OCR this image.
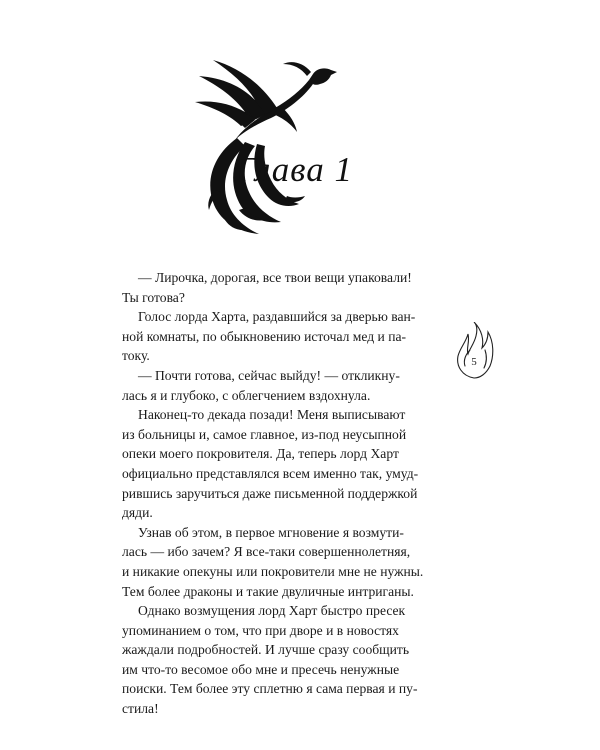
Глава 1

— Лирочка, дорогая, все твои вещи упаковали!
Ты готова?

Голос лорда Харта, раздавшийся за дверью ван-
ной комнаты, по обыкновению источал мед и па-
току.

— Почти готова, сейчас выйду! — откликну-
лась я и глубоко, с облегчением вздохнула.

Наконец-то декада позади! Меня выписывают
из больницы и, самое главное, из-под неусыпной
опеки моего покровителя. Да, теперь лорд Харт
официально представлялся всем именно так, умуд-
рившись заручиться даже письменной поддержкой
дяди.

Узнав об этом, в первое мгновение я возмути-
лась — ибо зачем? Я все-таки совершеннолетняя,
и никакие опекуны или покровители мне не нужны.
Тем более драконы и такие двуличные интриганы.

Однако возмущения лорд Харт быстро пресек
упоминанием о том, что при дворе и в новостях
жаждали подробностей. И лучше сразу сообщить
им что-то весомое обо мне и пресечь ненужные
поиски. Тем более эту сплетню я сама первая и пу-
стила!

5
